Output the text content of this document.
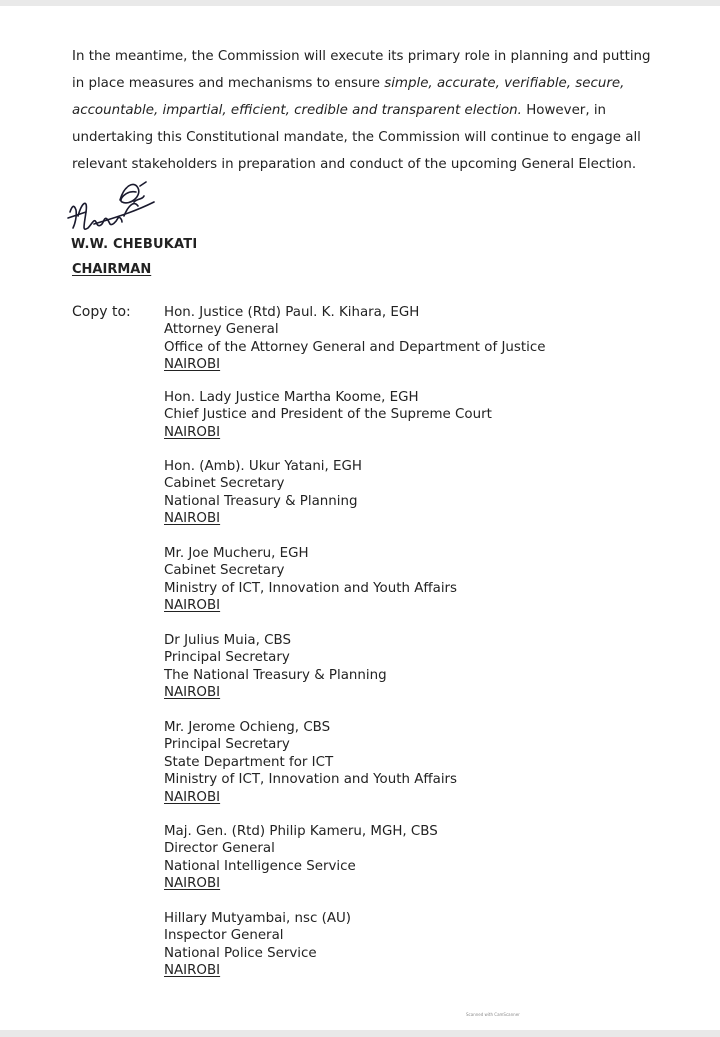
In the meantime, the Commission will execute its primary role in planning and putting in place measures and mechanisms to ensure simple, accurate, verifiable, secure, accountable, impartial, efficient, credible and transparent election. However, in undertaking this Constitutional mandate, the Commission will continue to engage all relevant stakeholders in preparation and conduct of the upcoming General Election.

W.W. CHEBUKATI

CHAIRMAN

Copy to: Hon. Justice (Rtd) Paul. K. Kihara, EGH
Attorney General
Office of the Attorney General and Department of Justice
NAIROBI
Hon. Lady Justice Martha Koome, EGH
Chief Justice and President of the Supreme Court
NAIROBI
Hon. (Amb). Ukur Yatani, EGH
Cabinet Secretary
National Treasury & Planning
NAIROBI
Mr. Joe Mucheru, EGH
Cabinet Secretary
Ministry of ICT, Innovation and Youth Affairs
NAIROBI
Dr Julius Muia, CBS
Principal Secretary
The National Treasury & Planning
NAIROBI
Mr. Jerome Ochieng, CBS
Principal Secretary
State Department for ICT
Ministry of ICT, Innovation and Youth Affairs
NAIROBI
Maj. Gen. (Rtd) Philip Kameru, MGH, CBS
Director General
National Intelligence Service
NAIROBI
Hillary Mutyambai, nsc (AU)
Inspector General
National Police Service
NAIROBI

Scanned with CamScanner
